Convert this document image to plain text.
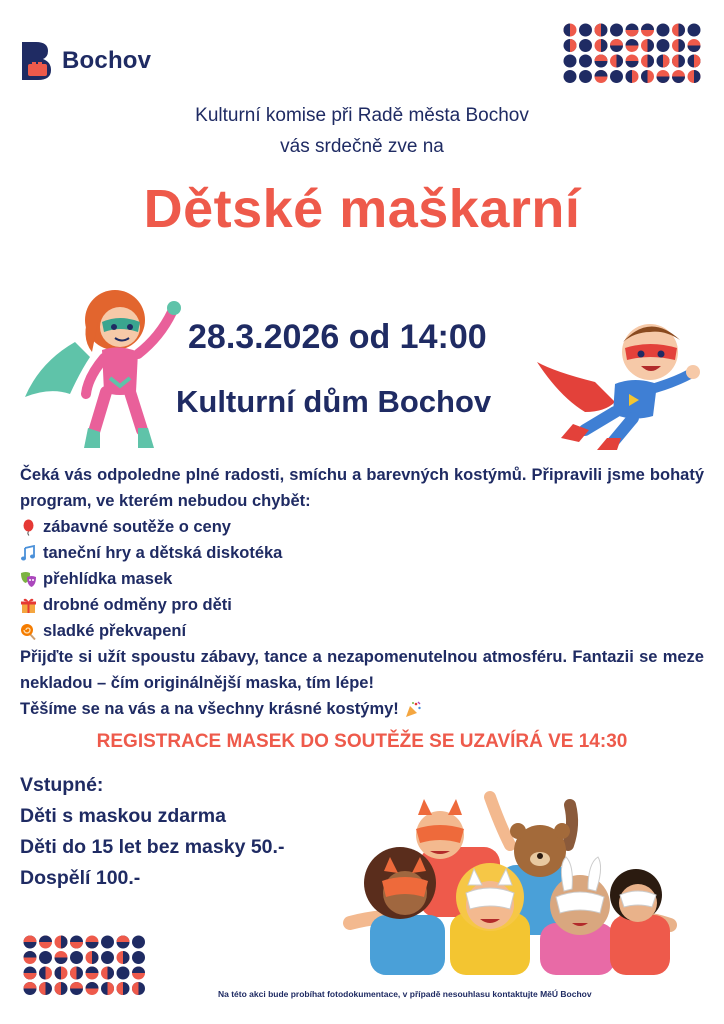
Bochov
Kulturní komise při Radě města Bochov
vás srdečně zve na
Dětské maškarní
28.3.2026 od 14:00
Kulturní dům Bochov

Čeká vás odpoledne plné radosti, smíchu a barevných kostýmů. Připravili jsme bohatý program, ve kterém nebudou chybět:

zábavné soutěže o ceny
taneční hry a dětská diskotéka
přehlídka masek
drobné odměny pro děti
sladké překvapení

Přijďte si užít spoustu zábavy, tance a nezapomenutelnou atmosféru. Fantazii se meze nekladou – čím originálnější maska, tím lépe!

Těšíme se na vás a na všechny krásné kostýmy!
REGISTRACE MASEK DO SOUTĚŽE SE UZAVÍRÁ VE 14:30
Vstupné:
Děti s maskou zdarma
Děti do 15 let bez masky 50.-
Dospělí 100.-
Na této akci bude probíhat fotodokumentace, v případě nesouhlasu kontaktujte MěÚ Bochov
